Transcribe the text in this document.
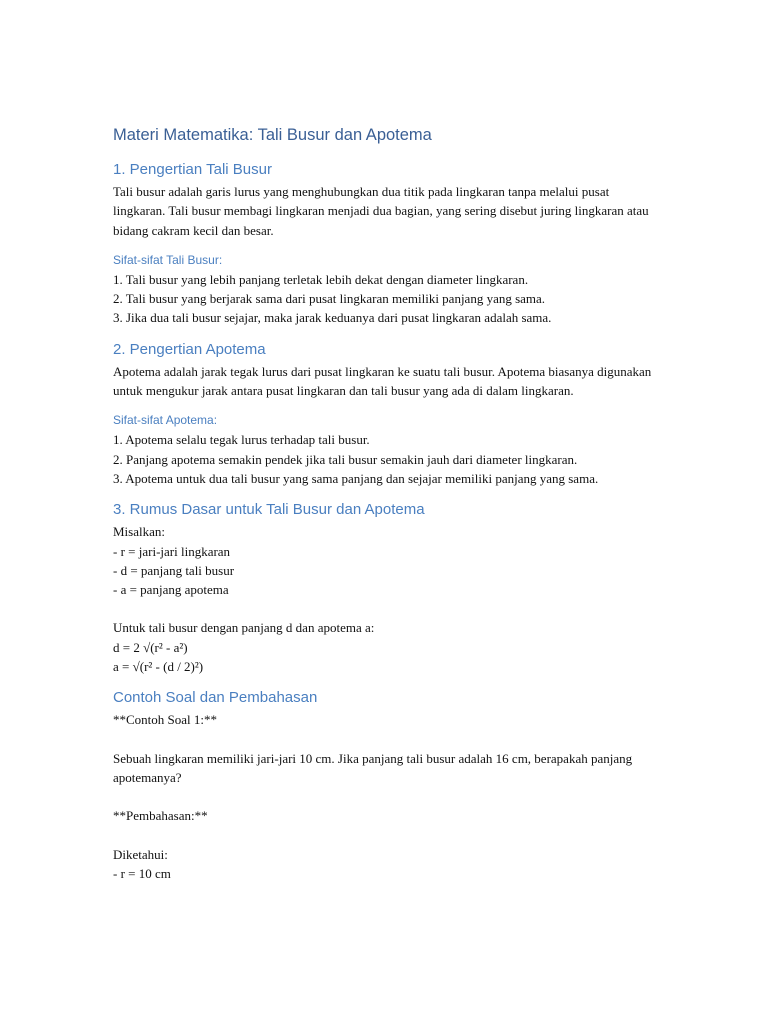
Materi Matematika: Tali Busur dan Apotema
1. Pengertian Tali Busur

Tali busur adalah garis lurus yang menghubungkan dua titik pada lingkaran tanpa melalui pusat lingkaran. Tali busur membagi lingkaran menjadi dua bagian, yang sering disebut juring lingkaran atau bidang cakram kecil dan besar.

Sifat-sifat Tali Busur:
1. Tali busur yang lebih panjang terletak lebih dekat dengan diameter lingkaran.
2. Tali busur yang berjarak sama dari pusat lingkaran memiliki panjang yang sama.
3. Jika dua tali busur sejajar, maka jarak keduanya dari pusat lingkaran adalah sama.
2. Pengertian Apotema

Apotema adalah jarak tegak lurus dari pusat lingkaran ke suatu tali busur. Apotema biasanya digunakan untuk mengukur jarak antara pusat lingkaran dan tali busur yang ada di dalam lingkaran.

Sifat-sifat Apotema:
1. Apotema selalu tegak lurus terhadap tali busur.
2. Panjang apotema semakin pendek jika tali busur semakin jauh dari diameter lingkaran.
3. Apotema untuk dua tali busur yang sama panjang dan sejajar memiliki panjang yang sama.
3. Rumus Dasar untuk Tali Busur dan Apotema
Misalkan:
- r = jari-jari lingkaran
- d = panjang tali busur
- a = panjang apotema
Untuk tali busur dengan panjang d dan apotema a:
d = 2 √(r² - a²)
a = √(r² - (d / 2)²)
Contoh Soal dan Pembahasan
**Contoh Soal 1:**

Sebuah lingkaran memiliki jari-jari 10 cm. Jika panjang tali busur adalah 16 cm, berapakah panjang apotemanya?

**Pembahasan:**
Diketahui:
- r = 10 cm
